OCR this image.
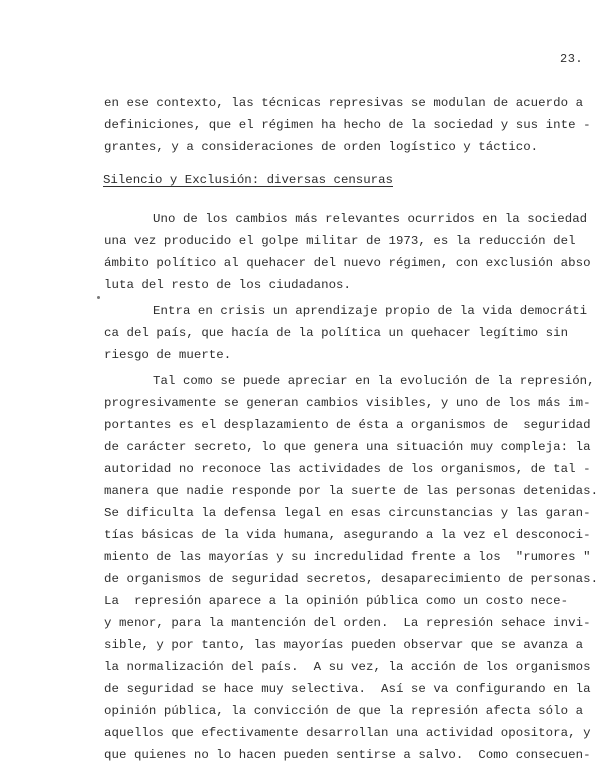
23.
en ese contexto, las técnicas represivas se modulan de acuerdo a
definiciones, que el régimen ha hecho de la sociedad y sus inte -
grantes, y a consideraciones de orden logístico y táctico.
Silencio y Exclusión: diversas censuras
Uno de los cambios más relevantes ocurridos en la sociedad
una vez producido el golpe militar de 1973, es la reducción del
ámbito político al quehacer del nuevo régimen, con exclusión abso
luta del resto de los ciudadanos.
Entra en crisis un aprendizaje propio de la vida democráti
ca del país, que hacía de la política un quehacer legítimo sin
riesgo de muerte.
Tal como se puede apreciar en la evolución de la represión,
progresivamente se generan cambios visibles, y uno de los más im-
portantes es el desplazamiento de ésta a organismos de  seguridad
de carácter secreto, lo que genera una situación muy compleja: la
autoridad no reconoce las actividades de los organismos, de tal -
manera que nadie responde por la suerte de las personas detenidas.
Se dificulta la defensa legal en esas circunstancias y las garan-
tías básicas de la vida humana, asegurando a la vez el desconoci-
miento de las mayorías y su incredulidad frente a los  "rumores "
de organismos de seguridad secretos, desaparecimiento de personas.
La  represión aparece a la opinión pública como un costo nece-
y menor, para la mantención del orden.  La represión sehace invi-
sible, y por tanto, las mayorías pueden observar que se avanza a
la normalización del país.  A su vez, la acción de los organismos
de seguridad se hace muy selectiva.  Así se va configurando en la
opinión pública, la convicción de que la represión afecta sólo a
aquellos que efectivamente desarrollan una actividad opositora, y
que quienes no lo hacen pueden sentirse a salvo.  Como consecuen-
